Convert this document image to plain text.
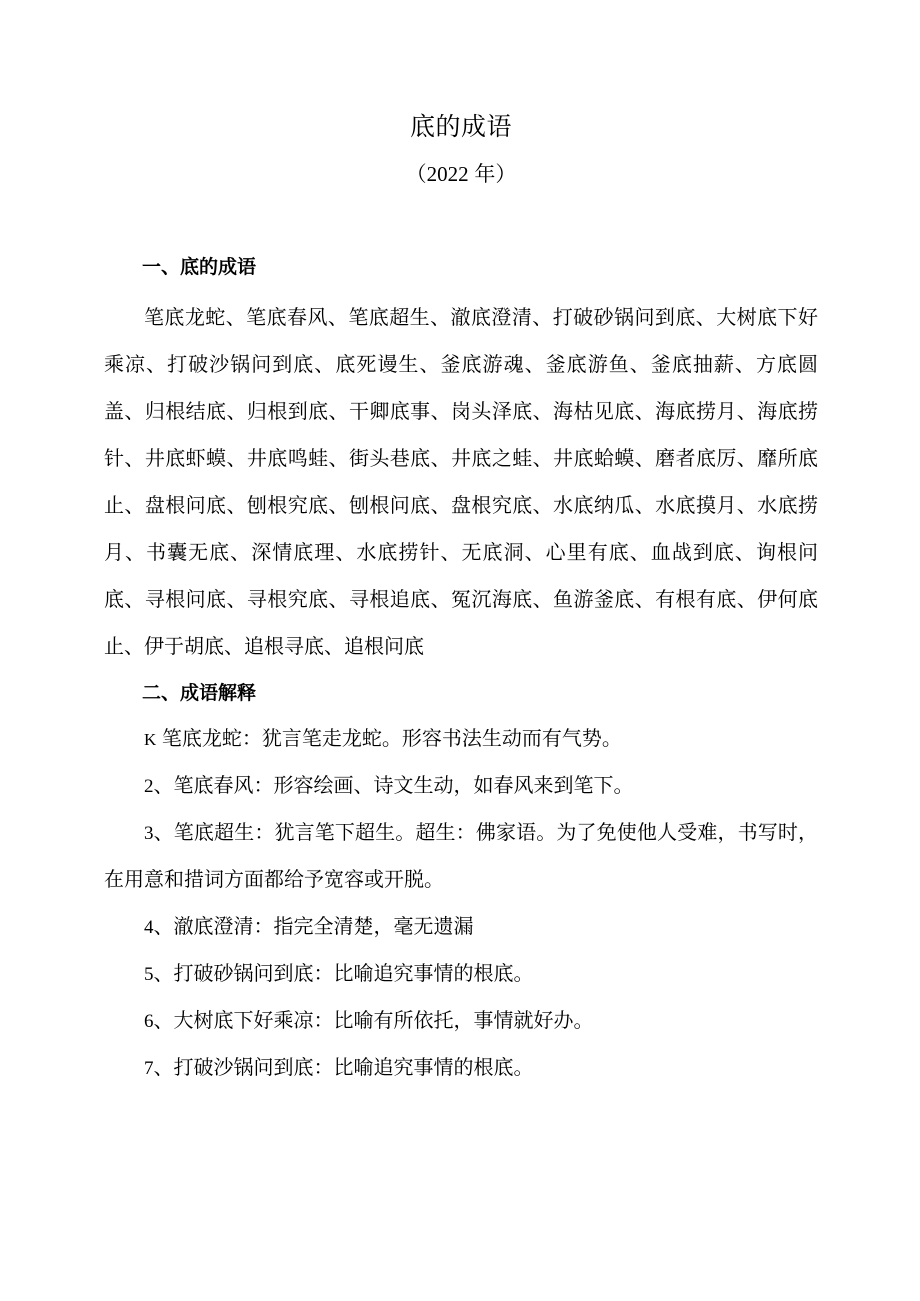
底的成语
（2022 年）
一、底的成语

笔底龙蛇、笔底春风、笔底超生、澈底澄清、打破砂锅问到底、大树底下好乘凉、打破沙锅问到底、底死谩生、釜底游魂、釜底游鱼、釜底抽薪、方底圆盖、归根结底、归根到底、干卿底事、岗头泽底、海枯见底、海底捞月、海底捞针、井底虾蟆、井底鸣蛙、街头巷底、井底之蛙、井底蛤蟆、磨者底厉、靡所底止、盘根问底、刨根究底、刨根问底、盘根究底、水底纳瓜、水底摸月、水底捞月、书囊无底、深情底理、水底捞针、无底洞、心里有底、血战到底、询根问底、寻根问底、寻根究底、寻根追底、冤沉海底、鱼游釜底、有根有底、伊何底止、伊于胡底、追根寻底、追根问底

二、成语解释
K 笔底龙蛇：犹言笔走龙蛇。形容书法生动而有气势。
2、笔底春风：形容绘画、诗文生动，如春风来到笔下。
3、笔底超生：犹言笔下超生。超生：佛家语。为了免使他人受难，书写时，在用意和措词方面都给予宽容或开脱。
4、澈底澄清：指完全清楚，毫无遗漏
5、打破砂锅问到底：比喻追究事情的根底。
6、大树底下好乘凉：比喻有所依托，事情就好办。
7、打破沙锅问到底：比喻追究事情的根底。
